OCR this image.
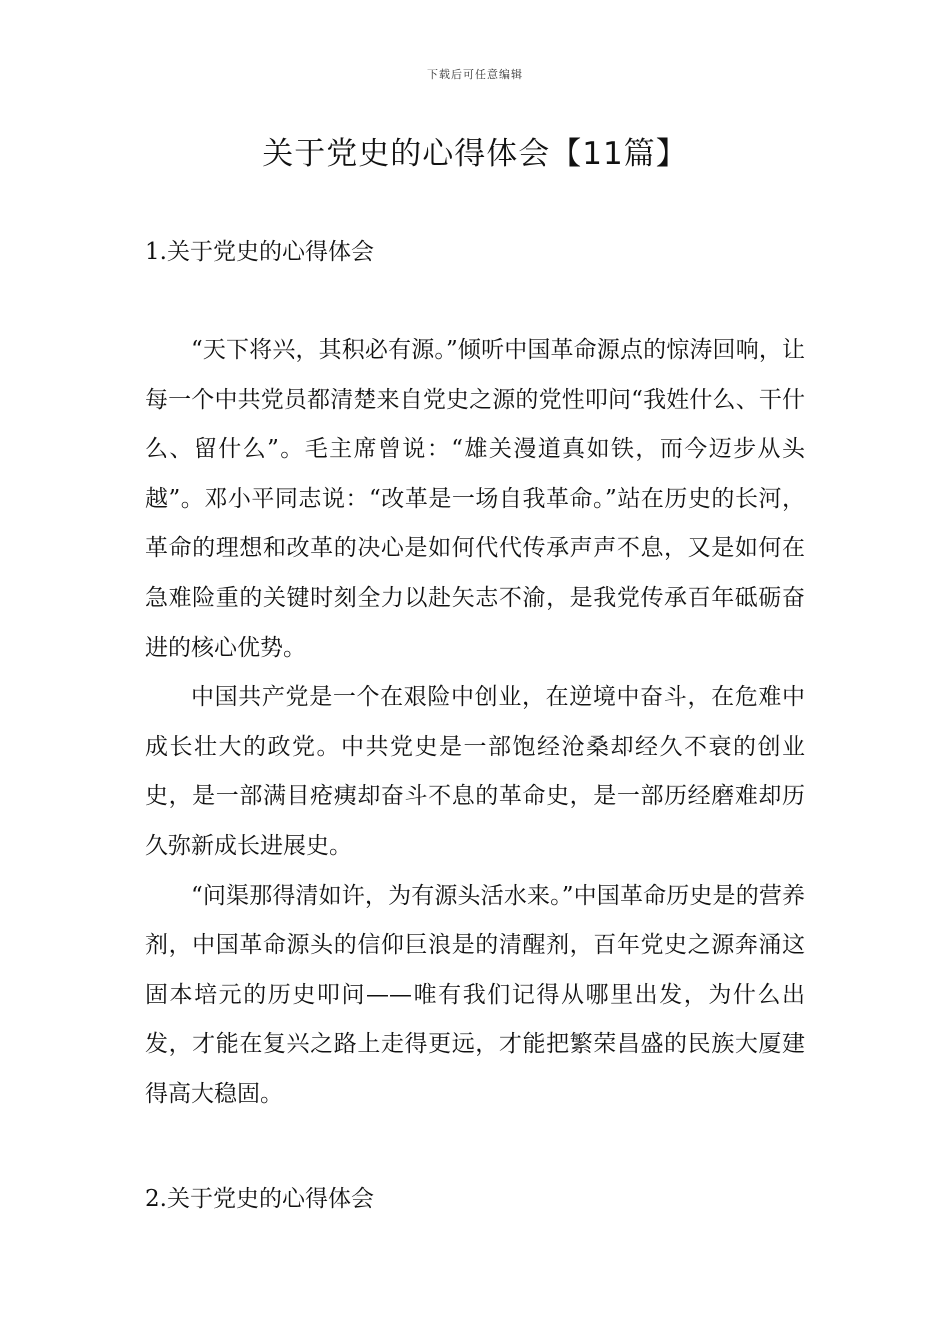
下载后可任意编辑
关于党史的心得体会【11篇】
1.关于党史的心得体会

“天下将兴，其积必有源。”倾听中国革命源点的惊涛回响，让每一个中共党员都清楚来自党史之源的党性叩问“我姓什么、干什么、留什么”。毛主席曾说：“雄关漫道真如铁，而今迈步从头越”。邓小平同志说：“改革是一场自我革命。”站在历史的长河，革命的理想和改革的决心是如何代代传承声声不息，又是如何在急难险重的关键时刻全力以赴矢志不渝，是我党传承百年砥砺奋进的核心优势。

中国共产党是一个在艰险中创业，在逆境中奋斗，在危难中成长壮大的政党。中共党史是一部饱经沧桑却经久不衰的创业史，是一部满目疮痍却奋斗不息的革命史，是一部历经磨难却历久弥新成长进展史。

“问渠那得清如许，为有源头活水来。”中国革命历史是的营养剂，中国革命源头的信仰巨浪是的清醒剂，百年党史之源奔涌这固本培元的历史叩问——唯有我们记得从哪里出发，为什么出发，才能在复兴之路上走得更远，才能把繁荣昌盛的民族大厦建得高大稳固。

2.关于党史的心得体会
